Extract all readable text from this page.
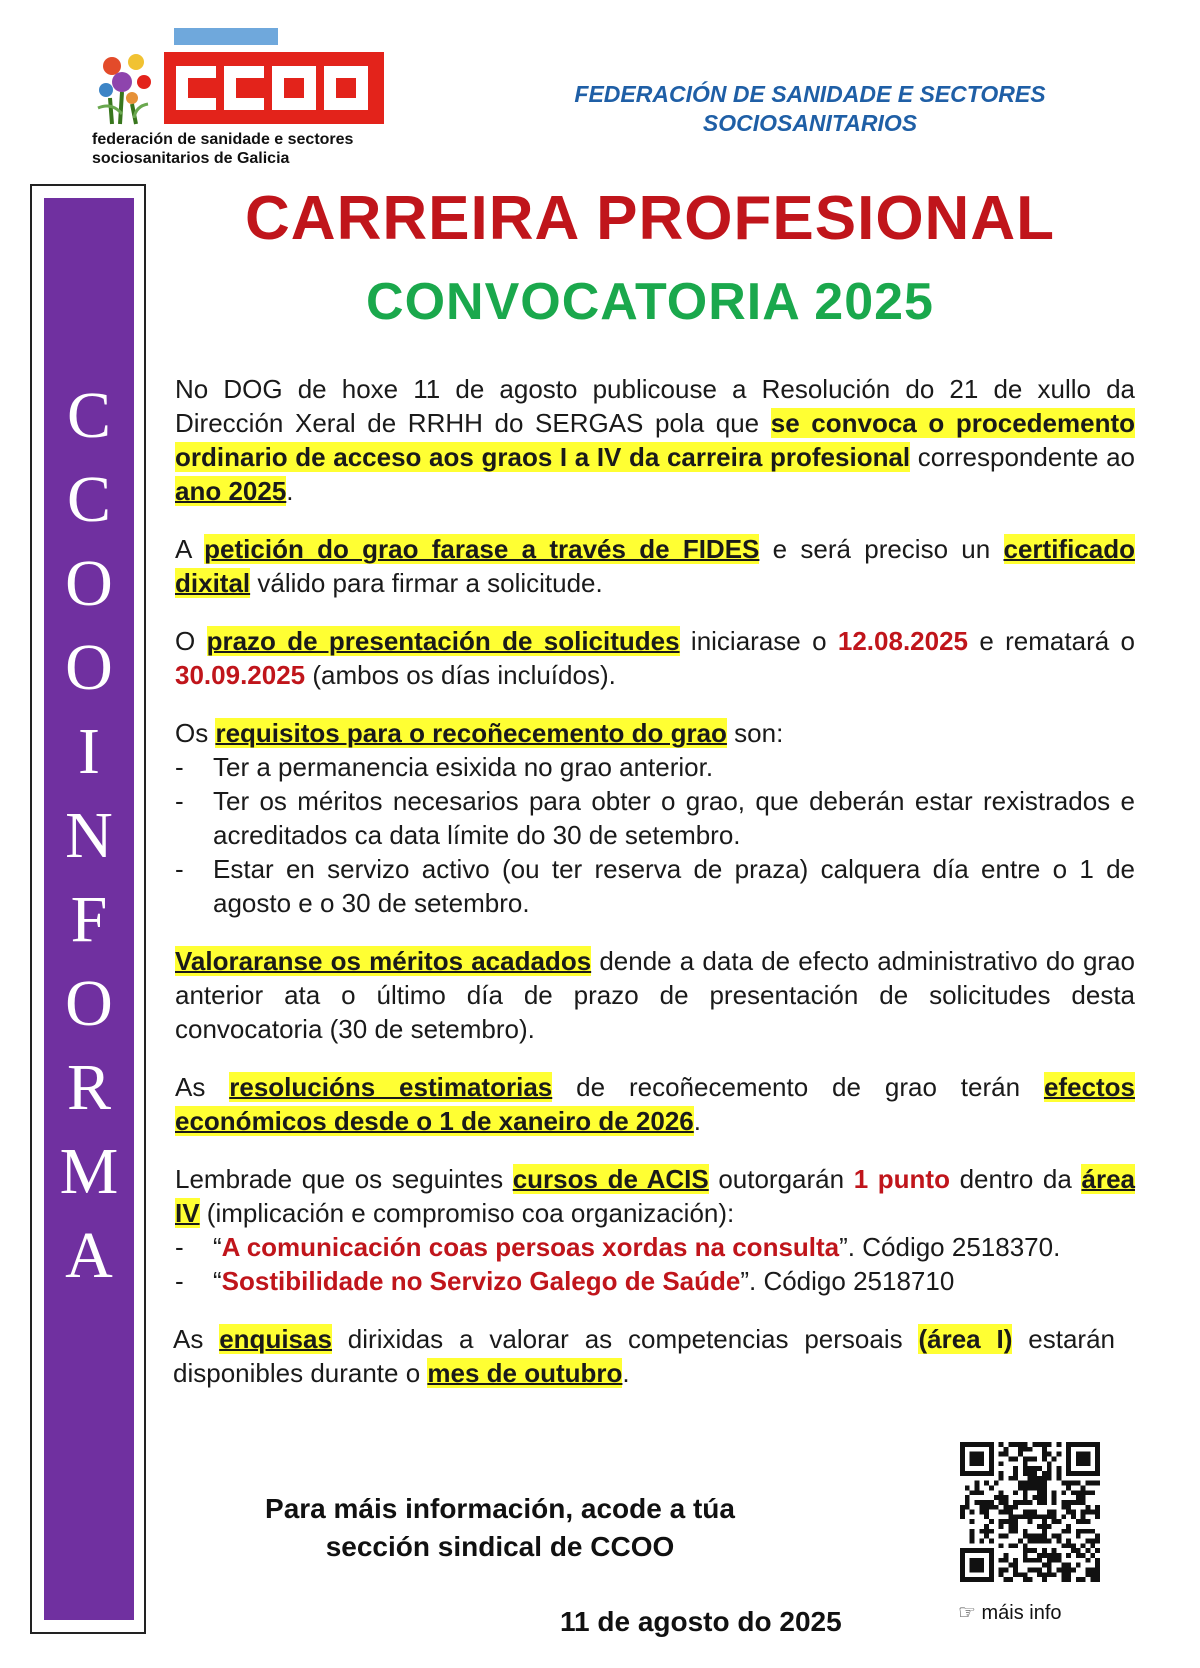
federación de sanidade e sectores
sociosanitarios de Galicia
FEDERACIÓN DE SANIDADE E SECTORES
SOCIOSANITARIOS
C
C
O
O
I
N
F
O
R
M
A
CARREIRA PROFESIONAL
CONVOCATORIA 2025

No DOG de hoxe 11 de agosto publicouse a Resolución do 21 de xullo da Dirección Xeral de RRHH do SERGAS pola que se convoca o procedemento ordinario de acceso aos graos I a IV da carreira profesional correspondente ao ano 2025.

A petición do grao farase a través de FIDES e será preciso un certificado dixital válido para firmar a solicitude.

O prazo de presentación de solicitudes iniciarase o 12.08.2025 e rematará o 30.09.2025 (ambos os días incluídos).

Os requisitos para o recoñecemento do grao son:

-	Ter a permanencia esixida no grao anterior.
-	Ter os méritos necesarios para obter o grao, que deberán estar rexistrados e acreditados ca data límite do 30 de setembro.
-	Estar en servizo activo (ou ter reserva de praza) calquera día entre o 1 de agosto e o 30 de setembro.

Valoraranse os méritos acadados dende a data de efecto administrativo do grao anterior ata o último día de prazo de presentación de solicitudes desta convocatoria (30 de setembro).

As resolucións estimatorias de recoñecemento de grao terán efectos económicos desde o 1 de xaneiro de 2026.

Lembrade que os seguintes cursos de ACIS outorgarán 1 punto dentro da área IV (implicación e compromiso coa organización):

-	“A comunicación coas persoas xordas na consulta”. Código 2518370.
-	“Sostibilidade no Servizo Galego de Saúde”. Código 2518710

As enquisas dirixidas a valorar as competencias persoais (área I) estarán disponibles durante o mes de outubro.

Para máis información, acode a túa
sección sindical de CCOO
11 de agosto do 2025	☞ máis info
